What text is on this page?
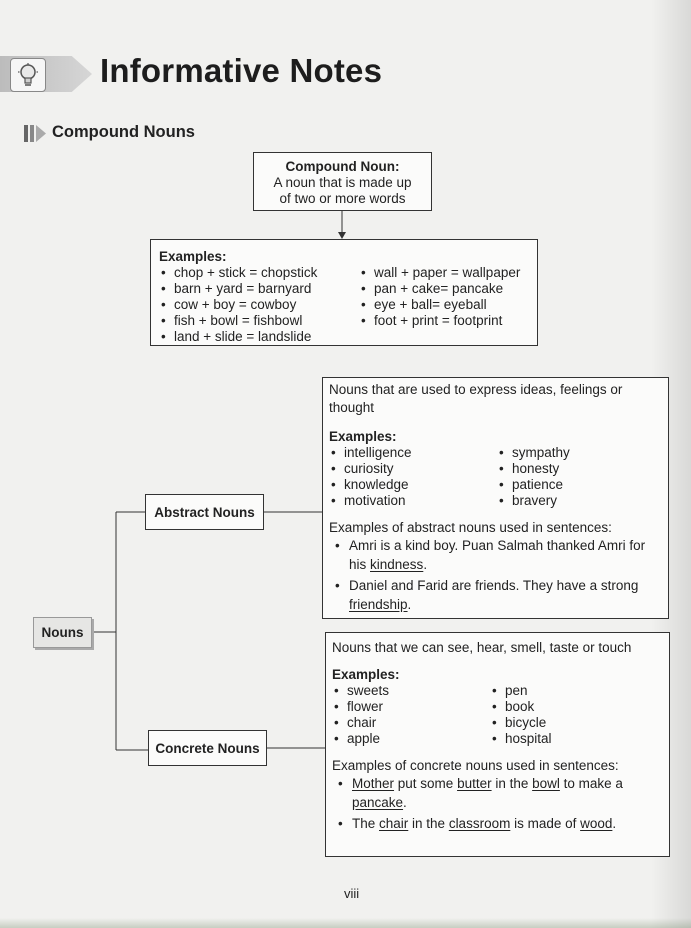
Informative Notes
Compound Nouns
Compound Noun:
A noun that is made up
of two or more words
Examples:
• chop + stick = chopstick
• barn + yard = barnyard
• cow + boy = cowboy
• fish + bowl = fishbowl
• land + slide = landslide
• wall + paper = wallpaper
• pan + cake= pancake
• eye + ball= eyeball
• foot + print = footprint
Nouns
Abstract Nouns
Concrete Nouns
Nouns that are used to express ideas, feelings or thought
Examples:
• intelligence
• curiosity
• knowledge
• motivation
• sympathy
• honesty
• patience
• bravery
Examples of abstract nouns used in sentences:
• Amri is a kind boy. Puan Salmah thanked Amri for his kindness.
• Daniel and Farid are friends. They have a strong friendship.
Nouns that we can see, hear, smell, taste or touch
Examples:
• sweets
• flower
• chair
• apple
• pen
• book
• bicycle
• hospital
Examples of concrete nouns used in sentences:
• Mother put some butter in the bowl to make a pancake.
• The chair in the classroom is made of wood.
viii
